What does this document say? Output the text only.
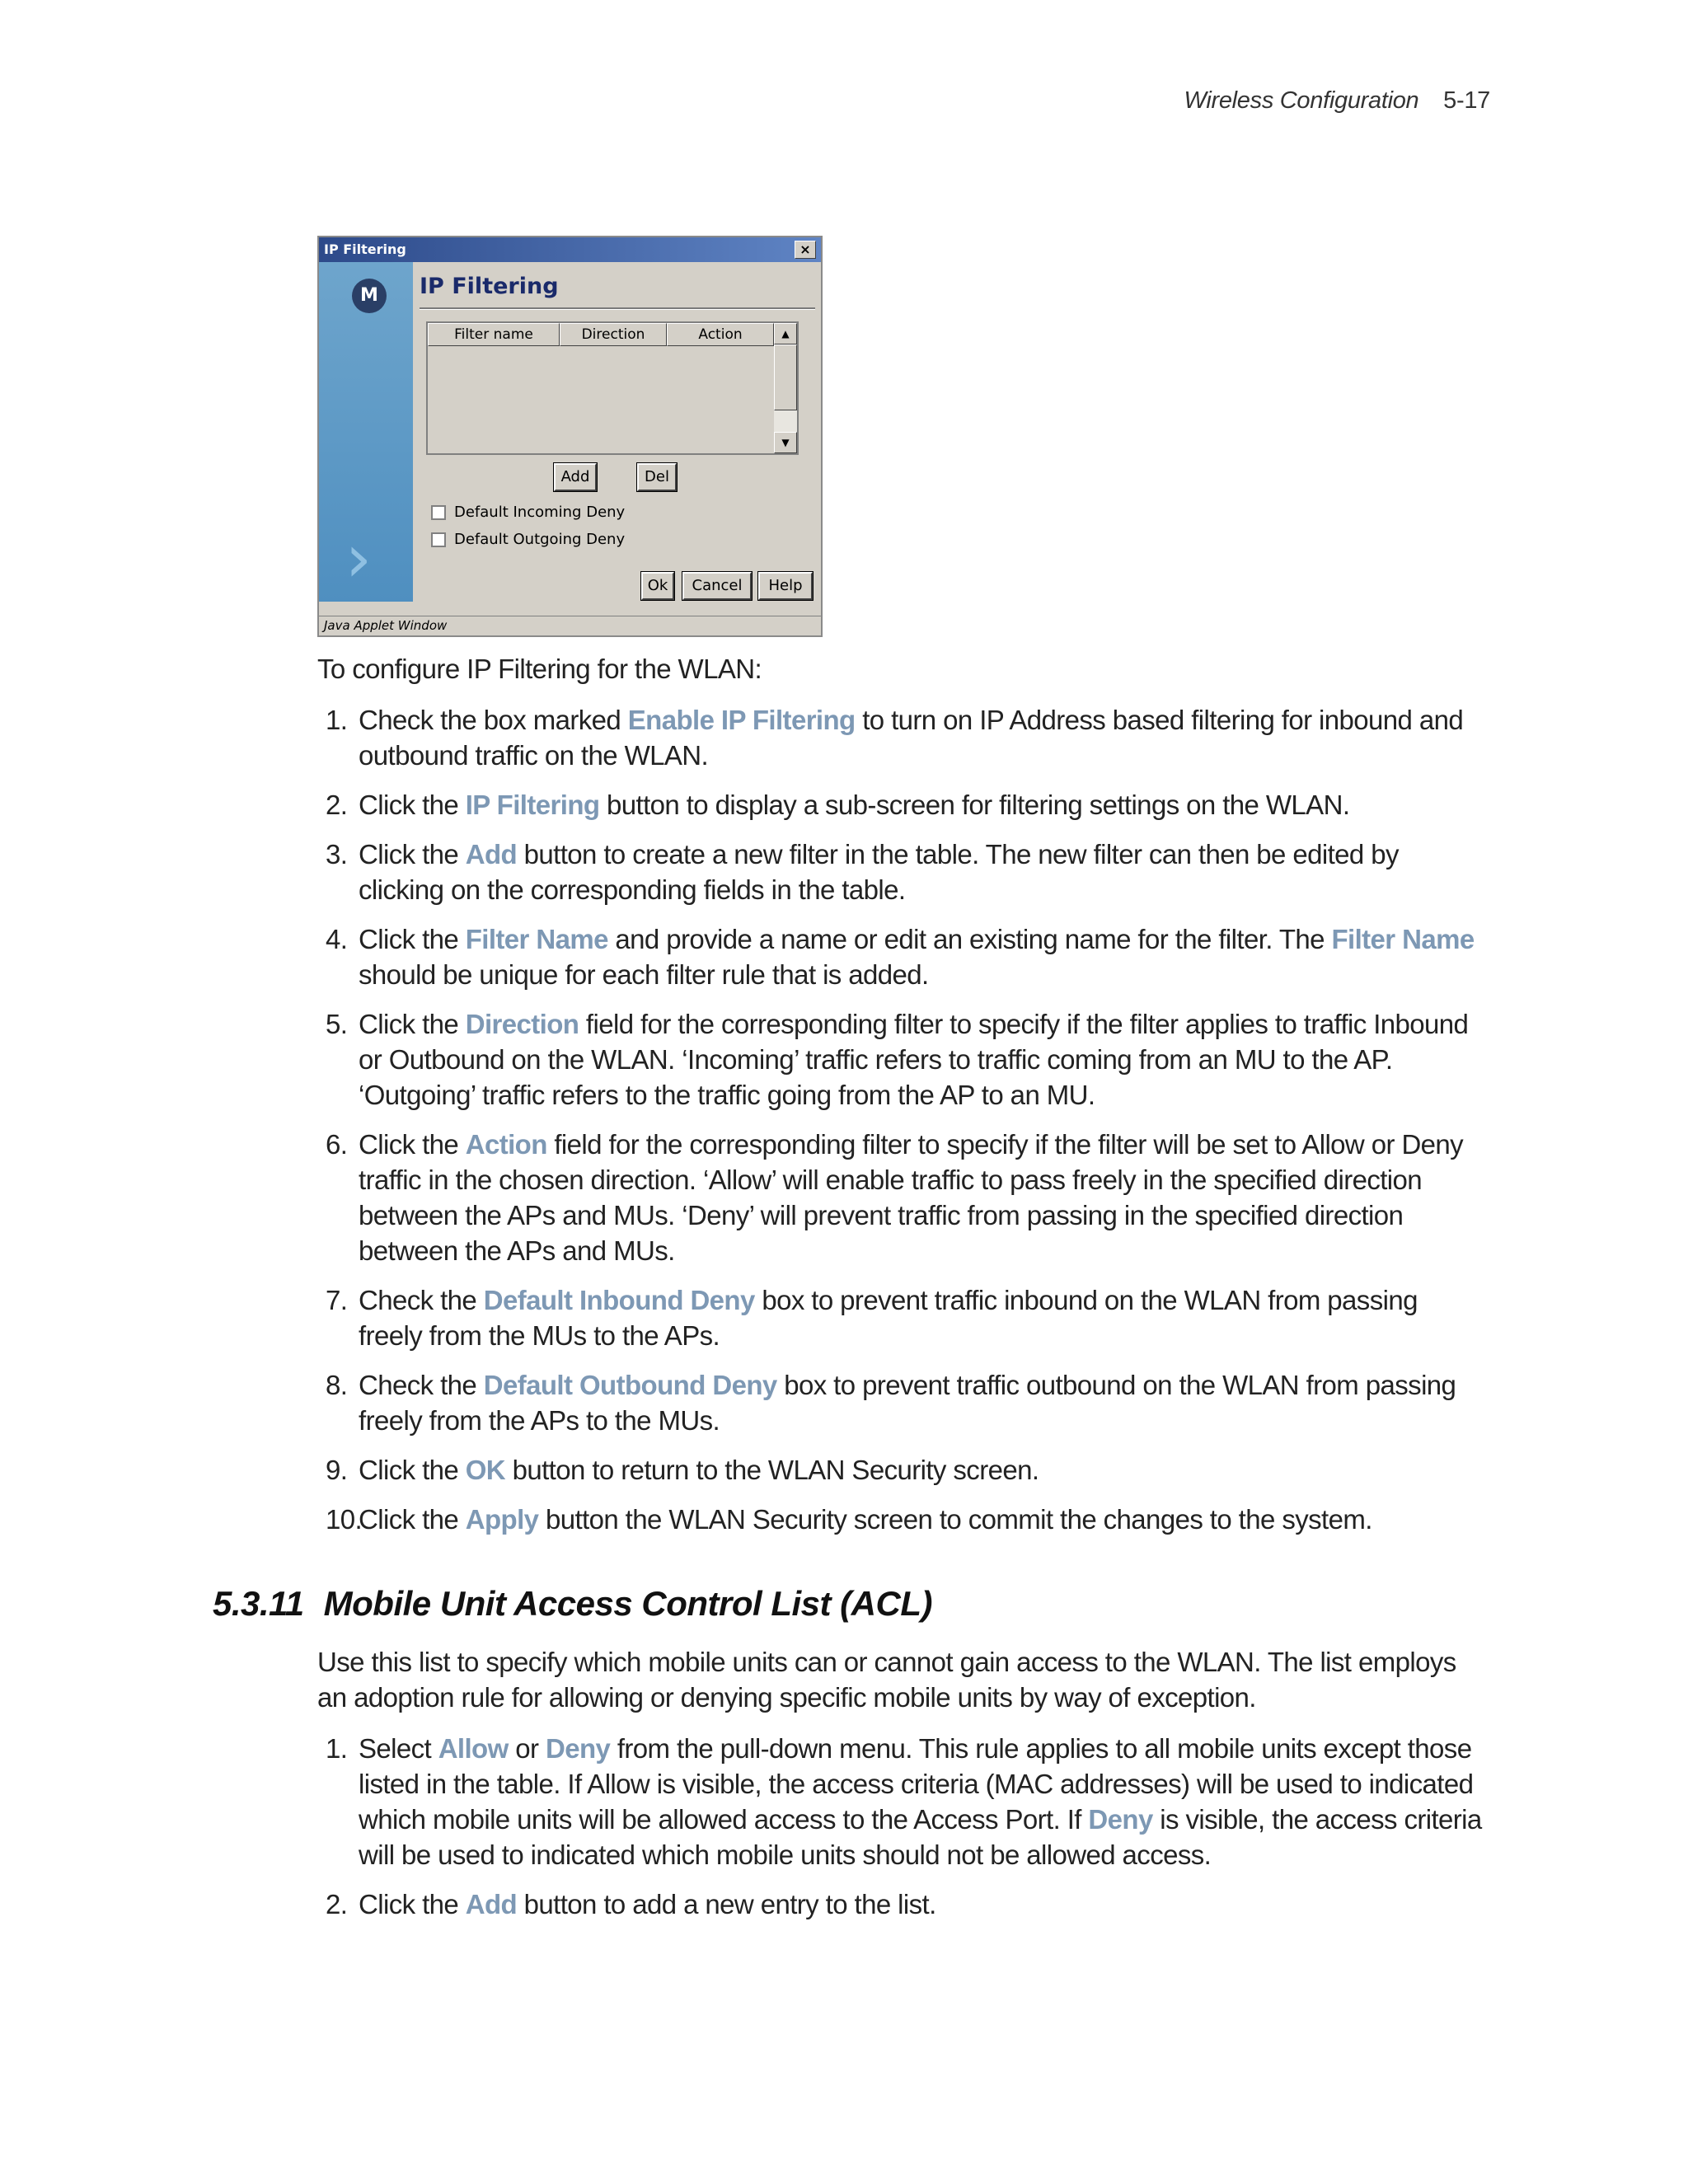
Wireless Configuration 5-17
IP Filtering	×
M
›
IP Filtering
Filter name	Direction	Action	▲
▼
Add	Del
Default Incoming Deny
Default Outgoing Deny
Ok	Cancel	Help
Java Applet Window
To configure IP Filtering for the WLAN:
1. Check the box marked Enable IP Filtering to turn on IP Address based filtering for inbound and outbound traffic on the WLAN.
2. Click the IP Filtering button to display a sub-screen for filtering settings on the WLAN.
3. Click the Add button to create a new filter in the table. The new filter can then be edited by clicking on the corresponding fields in the table.
4. Click the Filter Name and provide a name or edit an existing name for the filter. The Filter Name should be unique for each filter rule that is added.
5. Click the Direction field for the corresponding filter to specify if the filter applies to traffic Inbound or Outbound on the WLAN. ‘Incoming’ traffic refers to traffic coming from an MU to the AP. ‘Outgoing’ traffic refers to the traffic going from the AP to an MU.
6. Click the Action field for the corresponding filter to specify if the filter will be set to Allow or Deny traffic in the chosen direction. ‘Allow’ will enable traffic to pass freely in the specified direction between the APs and MUs. ‘Deny’ will prevent traffic from passing in the specified direction between the APs and MUs.
7. Check the Default Inbound Deny box to prevent traffic inbound on the WLAN from passing freely from the MUs to the APs.
8. Check the Default Outbound Deny box to prevent traffic outbound on the WLAN from passing freely from the APs to the MUs.
9. Click the OK button to return to the WLAN Security screen.
10.
Click the Apply button the WLAN Security screen to commit the changes to the system.
5.3.11 Mobile Unit Access Control List (ACL)
Use this list to specify which mobile units can or cannot gain access to the WLAN. The list employs an adoption rule for allowing or denying specific mobile units by way of exception.
1. Select Allow or Deny from the pull-down menu. This rule applies to all mobile units except those listed in the table. If Allow is visible, the access criteria (MAC addresses) will be used to indicated which mobile units will be allowed access to the Access Port. If Deny is visible, the access criteria will be used to indicated which mobile units should not be allowed access.
2. Click the Add button to add a new entry to the list.
